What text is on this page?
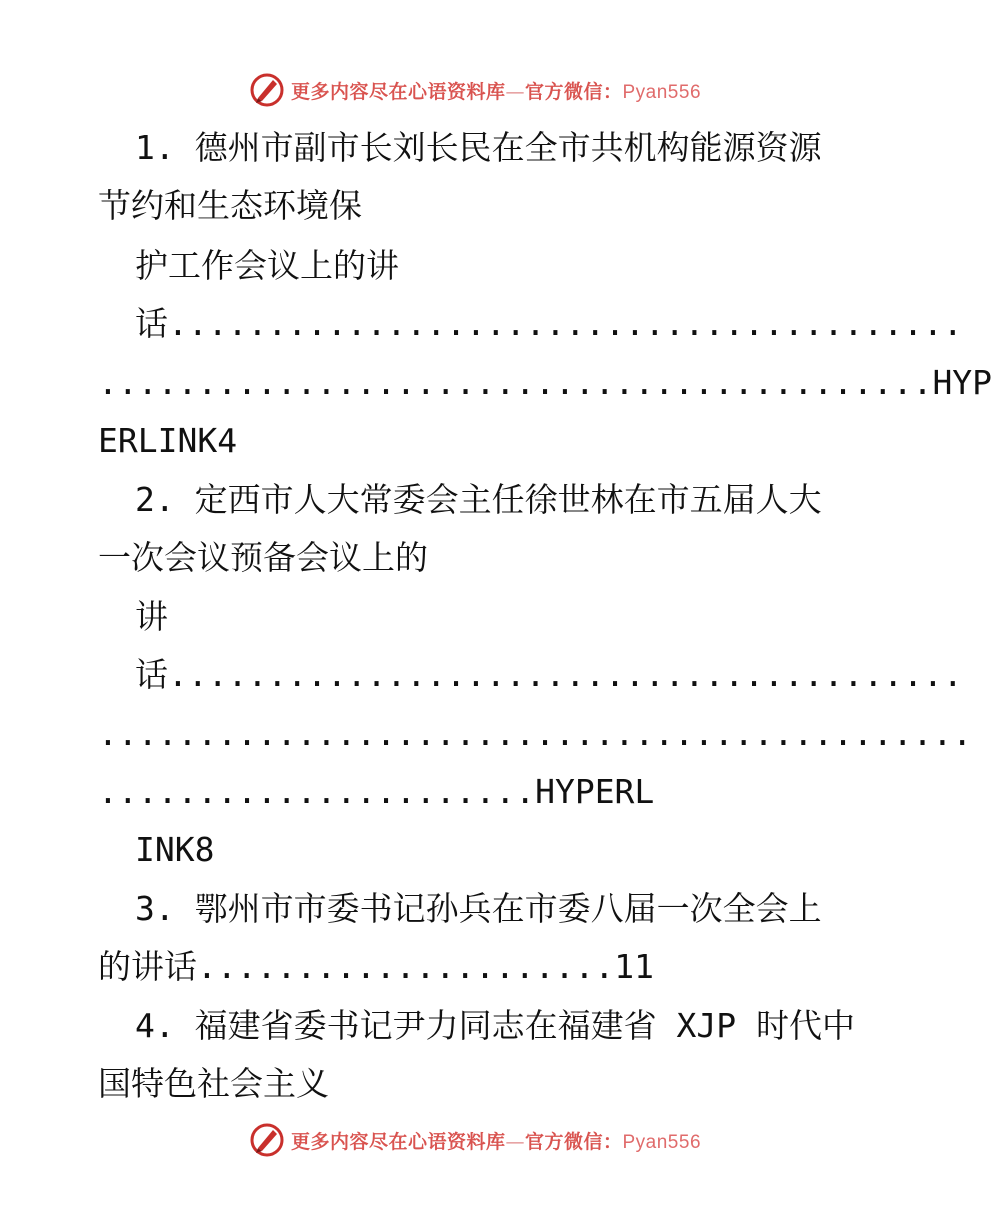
更多内容尽在心语资料库—官方微信：Pyan556
1. 德州市副市长刘长民在全市共机构能源资源
节约和生态环境保
护工作会议上的讲
话........................................
..........................................HYP
ERLINK4
2. 定西市人大常委会主任徐世林在市五届人大
一次会议预备会议上的
讲
话........................................
............................................
......................HYPERL
INK8
3. 鄂州市市委书记孙兵在市委八届一次全会上
的讲话.....................11
4. 福建省委书记尹力同志在福建省 XJP 时代中
国特色社会主义
更多内容尽在心语资料库—官方微信：Pyan556
